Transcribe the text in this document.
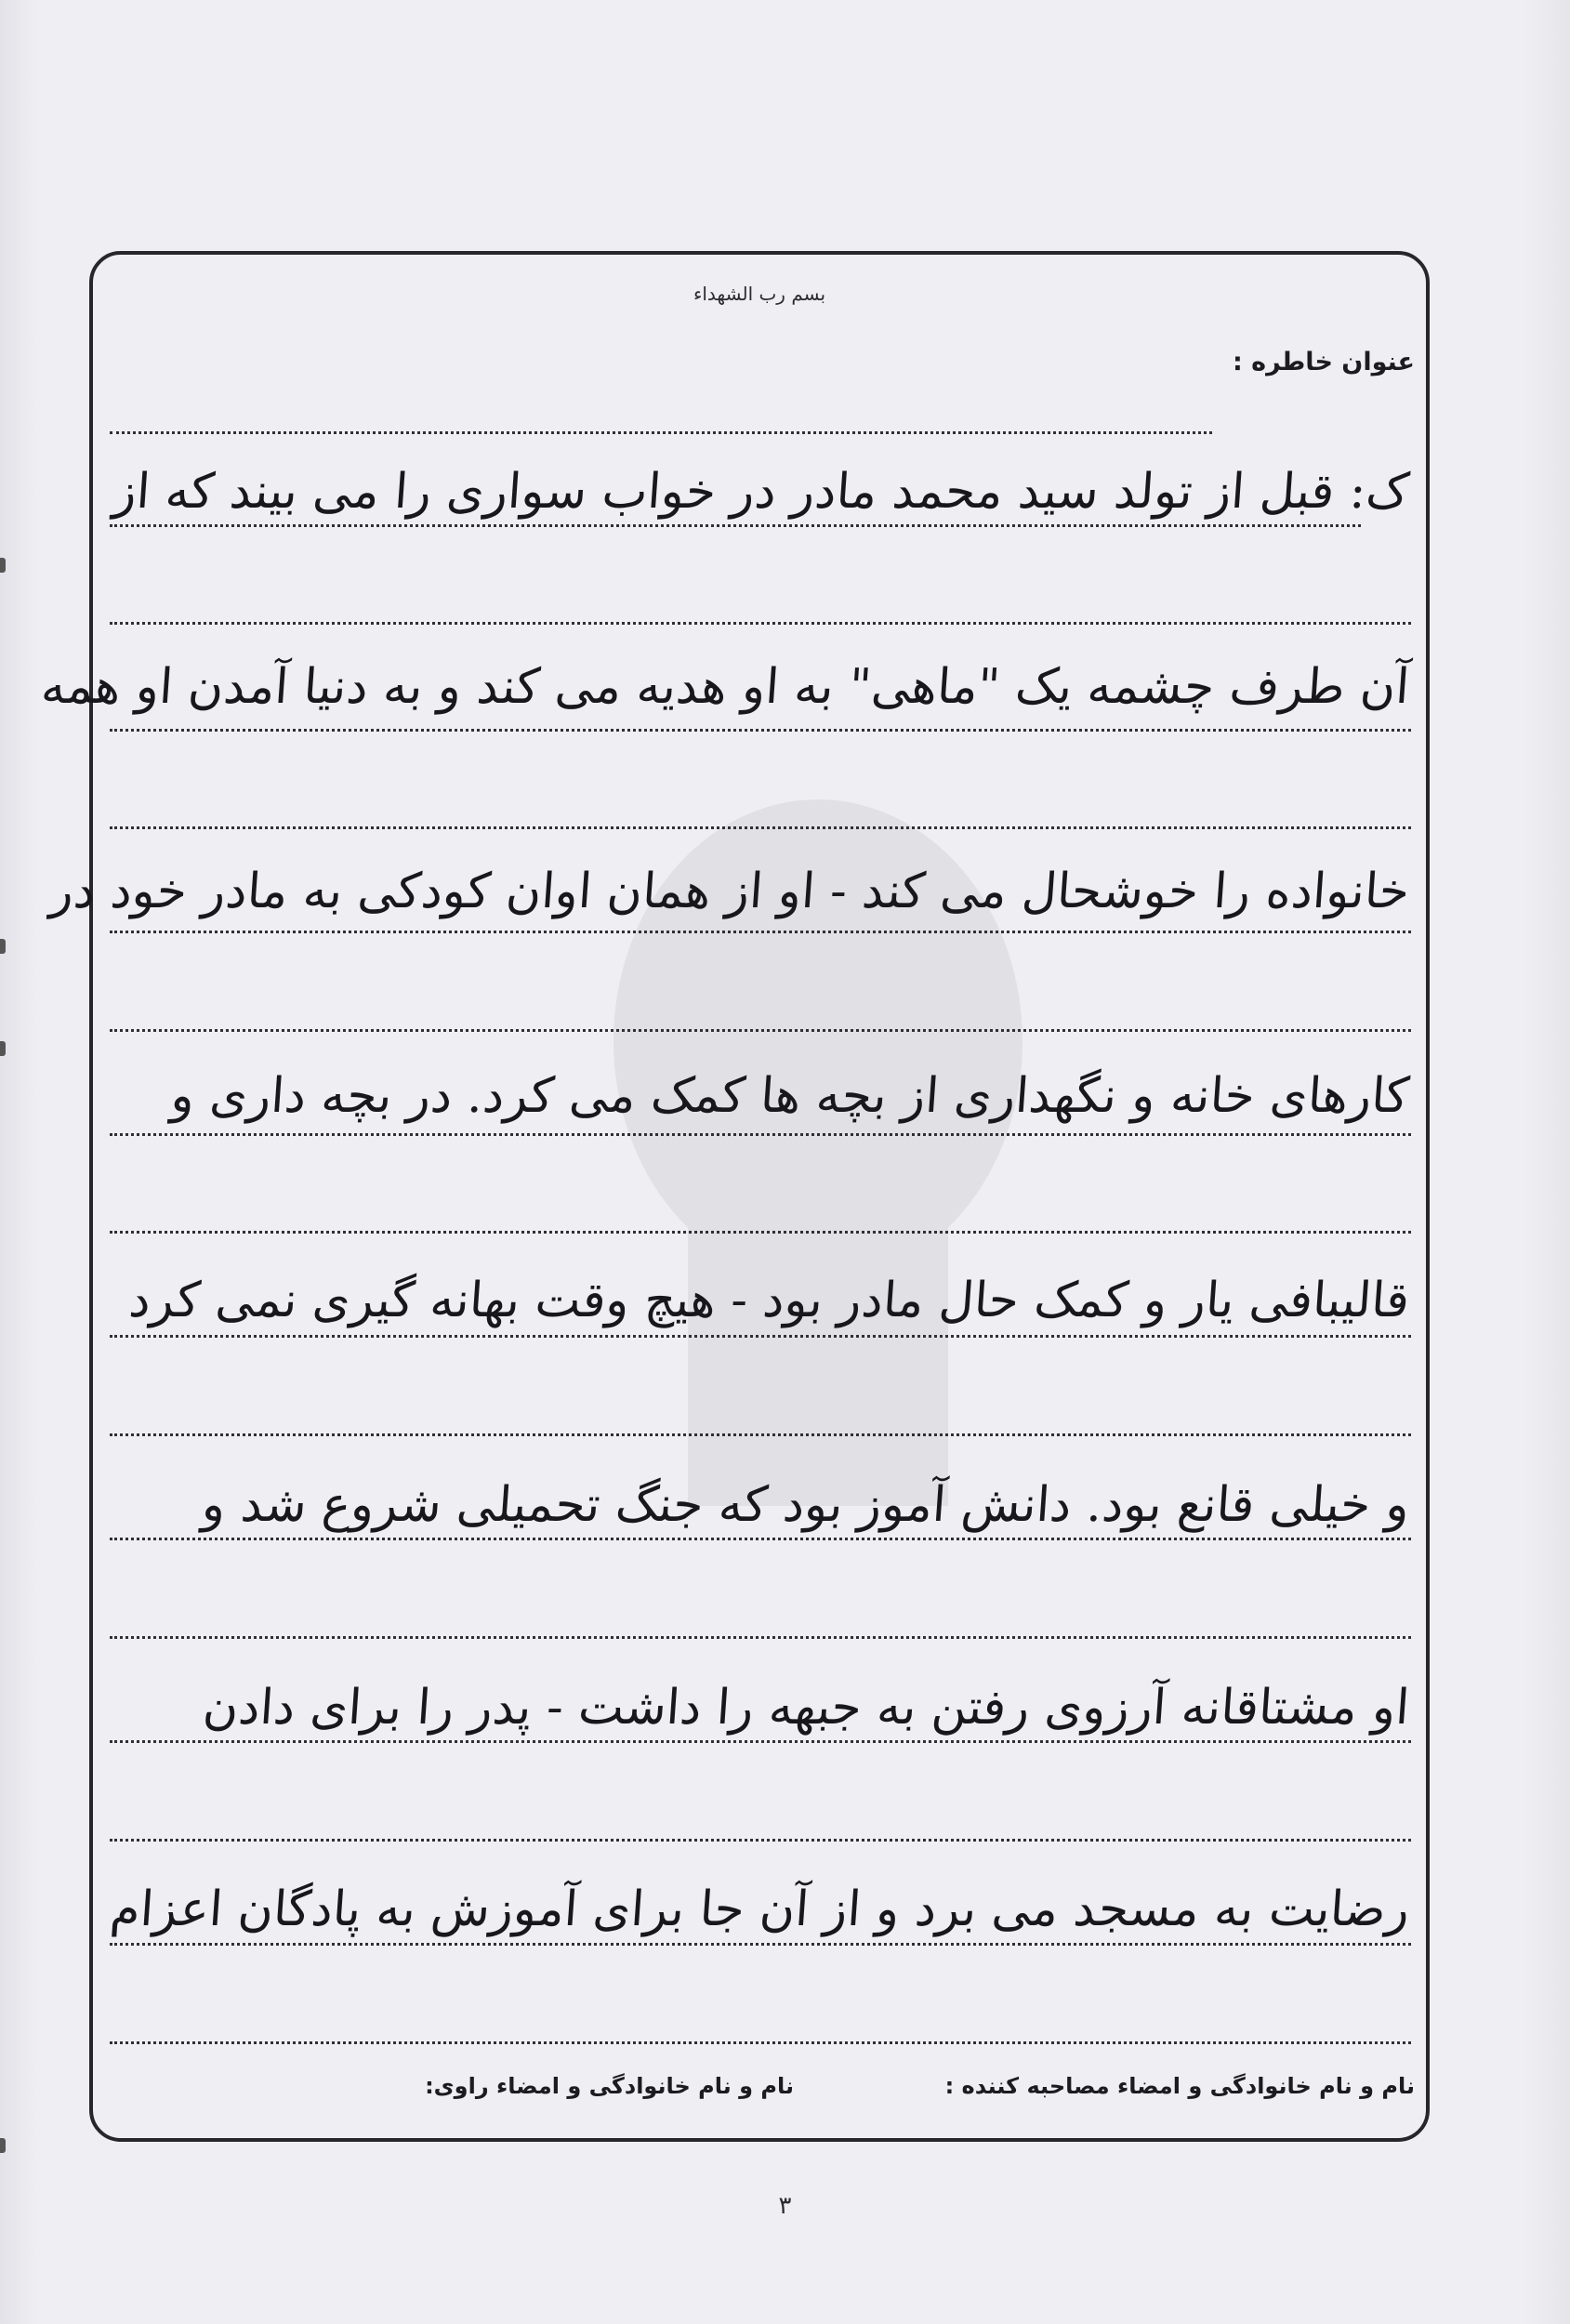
بسم رب الشهداء
عنوان خاطره :
ک: قبل از تولد سید محمد مادر در خواب سواری را می بیند که از
آن طرف چشمه یک "ماهی" به او هدیه می کند و به دنیا آمدن او همه
خانواده را خوشحال می کند - او از همان اوان کودکی به مادر خود در
کارهای خانه و نگهداری از بچه ها کمک می کرد. در بچه داری و
قالیبافی یار و کمک حال مادر بود - هیچ وقت بهانه گیری نمی کرد
و خیلی قانع بود. دانش آموز بود که جنگ تحمیلی شروع شد و
او مشتاقانه آرزوی رفتن به جبهه را داشت - پدر را برای دادن
رضایت به مسجد می برد و از آن جا برای آموزش به پادگان اعزام
نام و نام خانوادگی و امضاء مصاحبه کننده :
نام و نام خانوادگی و امضاء راوی:
۳
